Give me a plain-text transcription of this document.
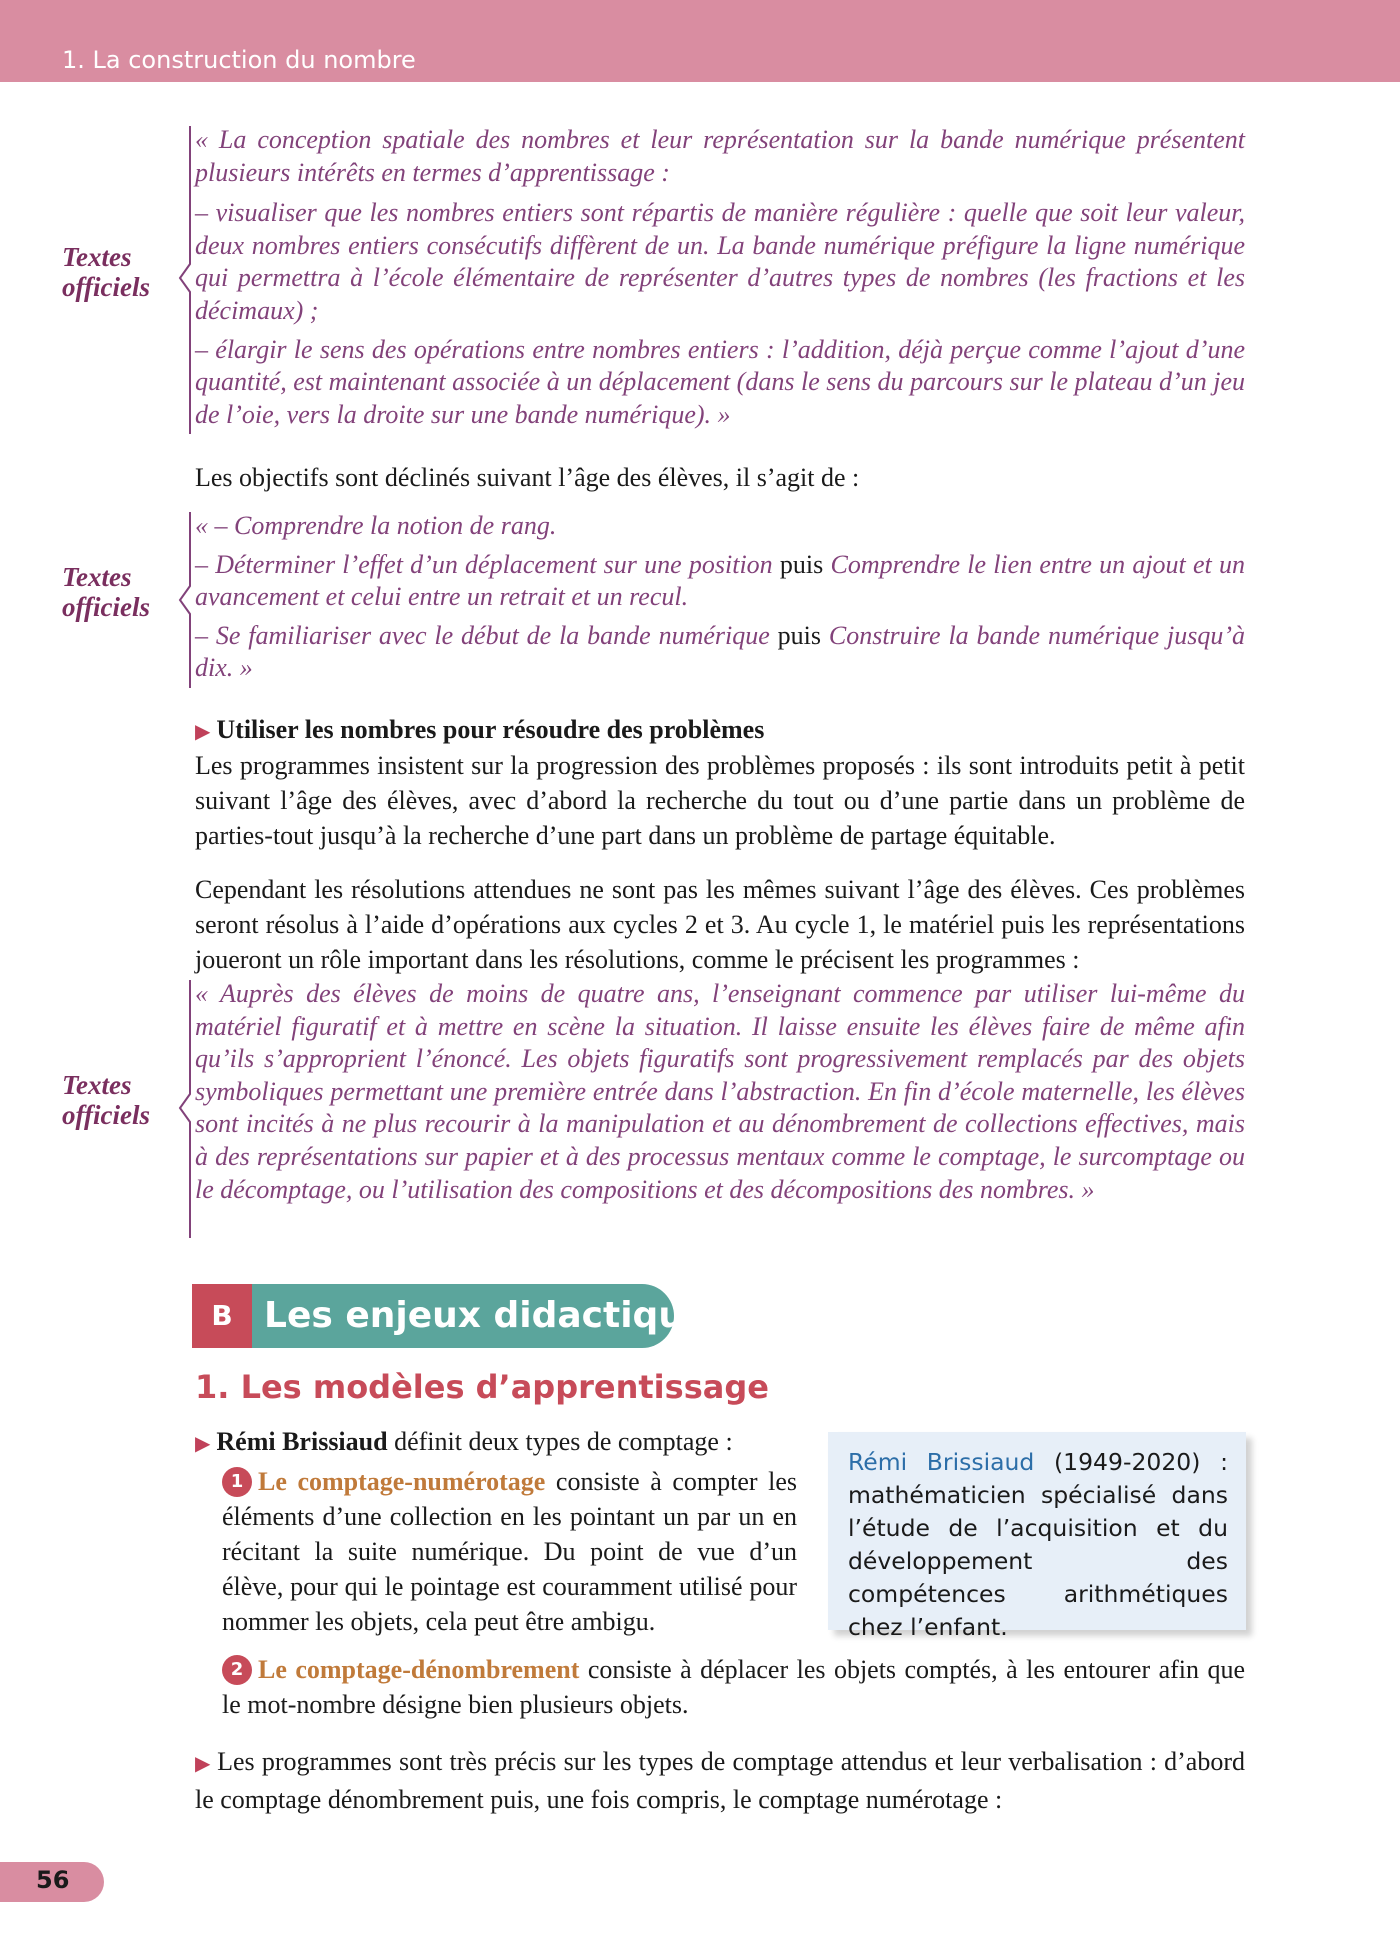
1. La construction du nombre
Textes
officiels

« La conception spatiale des nombres et leur représentation sur la bande numérique présentent plusieurs intérêts en termes d’apprentissage :

– visualiser que les nombres entiers sont répartis de manière régulière : quelle que soit leur valeur, deux nombres entiers consécutifs diffèrent de un. La bande numérique préfigure la ligne numérique qui permettra à l’école élémentaire de représenter d’autres types de nombres (les fractions et les décimaux) ;

– élargir le sens des opérations entre nombres entiers : l’addition, déjà perçue comme l’ajout d’une quantité, est maintenant associée à un déplacement (dans le sens du parcours sur le plateau d’un jeu de l’oie, vers la droite sur une bande numérique). »

Les objectifs sont déclinés suivant l’âge des élèves, il s’agit de :
Textes
officiels

« – Comprendre la notion de rang.

– Déterminer l’effet d’un déplacement sur une position puis Comprendre le lien entre un ajout et un avancement et celui entre un retrait et un recul.

– Se familiariser avec le début de la bande numérique puis Construire la bande numérique jusqu’à dix. »

▶ Utiliser les nombres pour résoudre des problèmes
Les programmes insistent sur la progression des problèmes proposés : ils sont introduits petit à petit suivant l’âge des élèves, avec d’abord la recherche du tout ou d’une partie dans un problème de parties-tout jusqu’à la recherche d’une part dans un problème de partage équitable.
Cependant les résolutions attendues ne sont pas les mêmes suivant l’âge des élèves. Ces problèmes seront résolus à l’aide d’opérations aux cycles 2 et 3. Au cycle 1, le matériel puis les représentations joueront un rôle important dans les résolutions, comme le précisent les programmes :
Textes
officiels
« Auprès des élèves de moins de quatre ans, l’enseignant commence par utiliser lui-même du matériel figuratif et à mettre en scène la situation. Il laisse ensuite les élèves faire de même afin qu’ils s’approprient l’énoncé. Les objets figuratifs sont progressivement remplacés par des objets symboliques permettant une première entrée dans l’abstraction. En fin d’école maternelle, les élèves sont incités à ne plus recourir à la manipulation et au dénombrement de collections effectives, mais à des représentations sur papier et à des processus mentaux comme le comptage, le surcomptage ou le décomptage, ou l’utilisation des compositions et des décompositions des nombres. »
B Les enjeux didactiques
1. Les modèles d’apprentissage
▶ Rémi Brissiaud définit deux types de comptage :
1 Le comptage-numérotage consiste à compter les éléments d’une collection en les pointant un par un en récitant la suite numérique. Du point de vue d’un élève, pour qui le pointage est couramment utilisé pour nommer les objets, cela peut être ambigu.
2 Le comptage-dénombrement consiste à déplacer les objets comptés, à les entourer afin que le mot-nombre désigne bien plusieurs objets.
▶ Les programmes sont très précis sur les types de comptage attendus et leur verbalisation : d’abord le comptage dénombrement puis, une fois compris, le comptage numérotage :
Rémi Brissiaud (1949-2020) : mathématicien spécialisé dans l’étude de l’acquisition et du développement des compétences arithmétiques chez l’enfant.
56
